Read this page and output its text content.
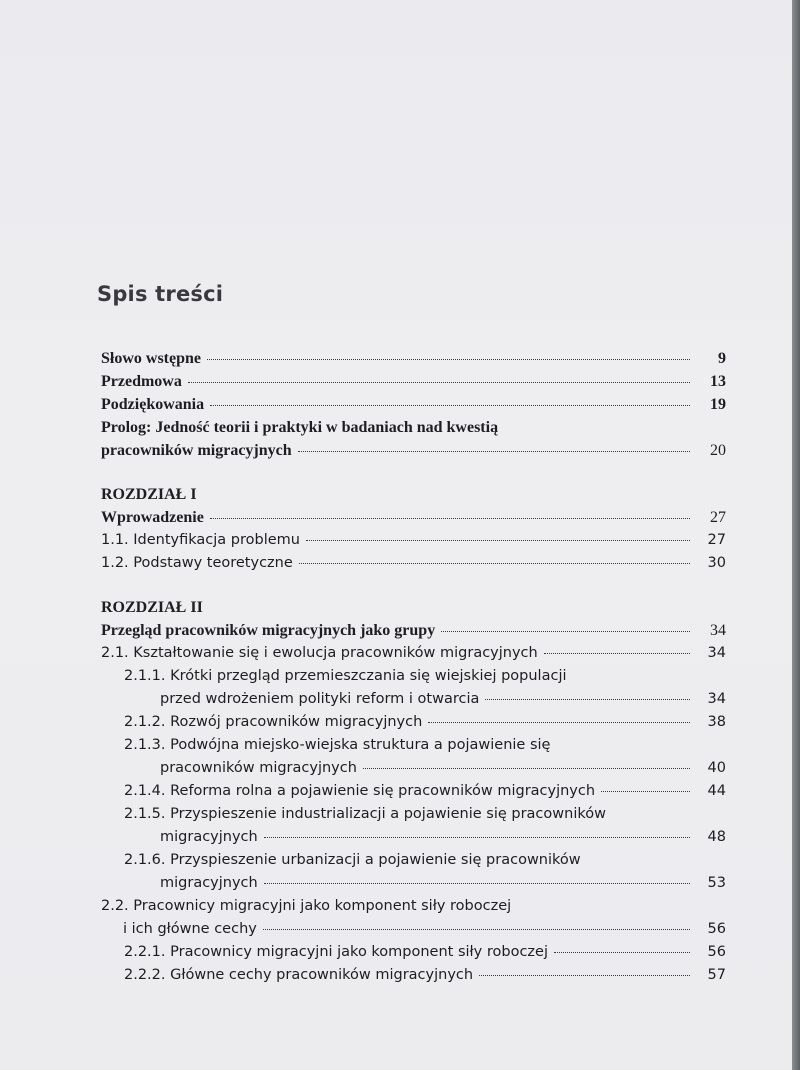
Spis treści
Słowo wstępne	9
Przedmowa	13
Podziękowania	19
Prolog: Jedność teorii i praktyki w badaniach nad kwestią
pracowników migracyjnych	20
ROZDZIAŁ I
Wprowadzenie	27
1.1. Identyfikacja problemu	27
1.2. Podstawy teoretyczne	30
ROZDZIAŁ II
Przegląd pracowników migracyjnych jako grupy	34
2.1. Kształtowanie się i ewolucja pracowników migracyjnych	34
2.1.1. Krótki przegląd przemieszczania się wiejskiej populacji
przed wdrożeniem polityki reform i otwarcia	34
2.1.2. Rozwój pracowników migracyjnych	38
2.1.3. Podwójna miejsko-wiejska struktura a pojawienie się
pracowników migracyjnych	40
2.1.4. Reforma rolna a pojawienie się pracowników migracyjnych	44
2.1.5. Przyspieszenie industrializacji a pojawienie się pracowników
migracyjnych	48
2.1.6. Przyspieszenie urbanizacji a pojawienie się pracowników
migracyjnych	53
2.2. Pracownicy migracyjni jako komponent siły roboczej
i ich główne cechy	56
2.2.1. Pracownicy migracyjni jako komponent siły roboczej	56
2.2.2. Główne cechy pracowników migracyjnych	57
